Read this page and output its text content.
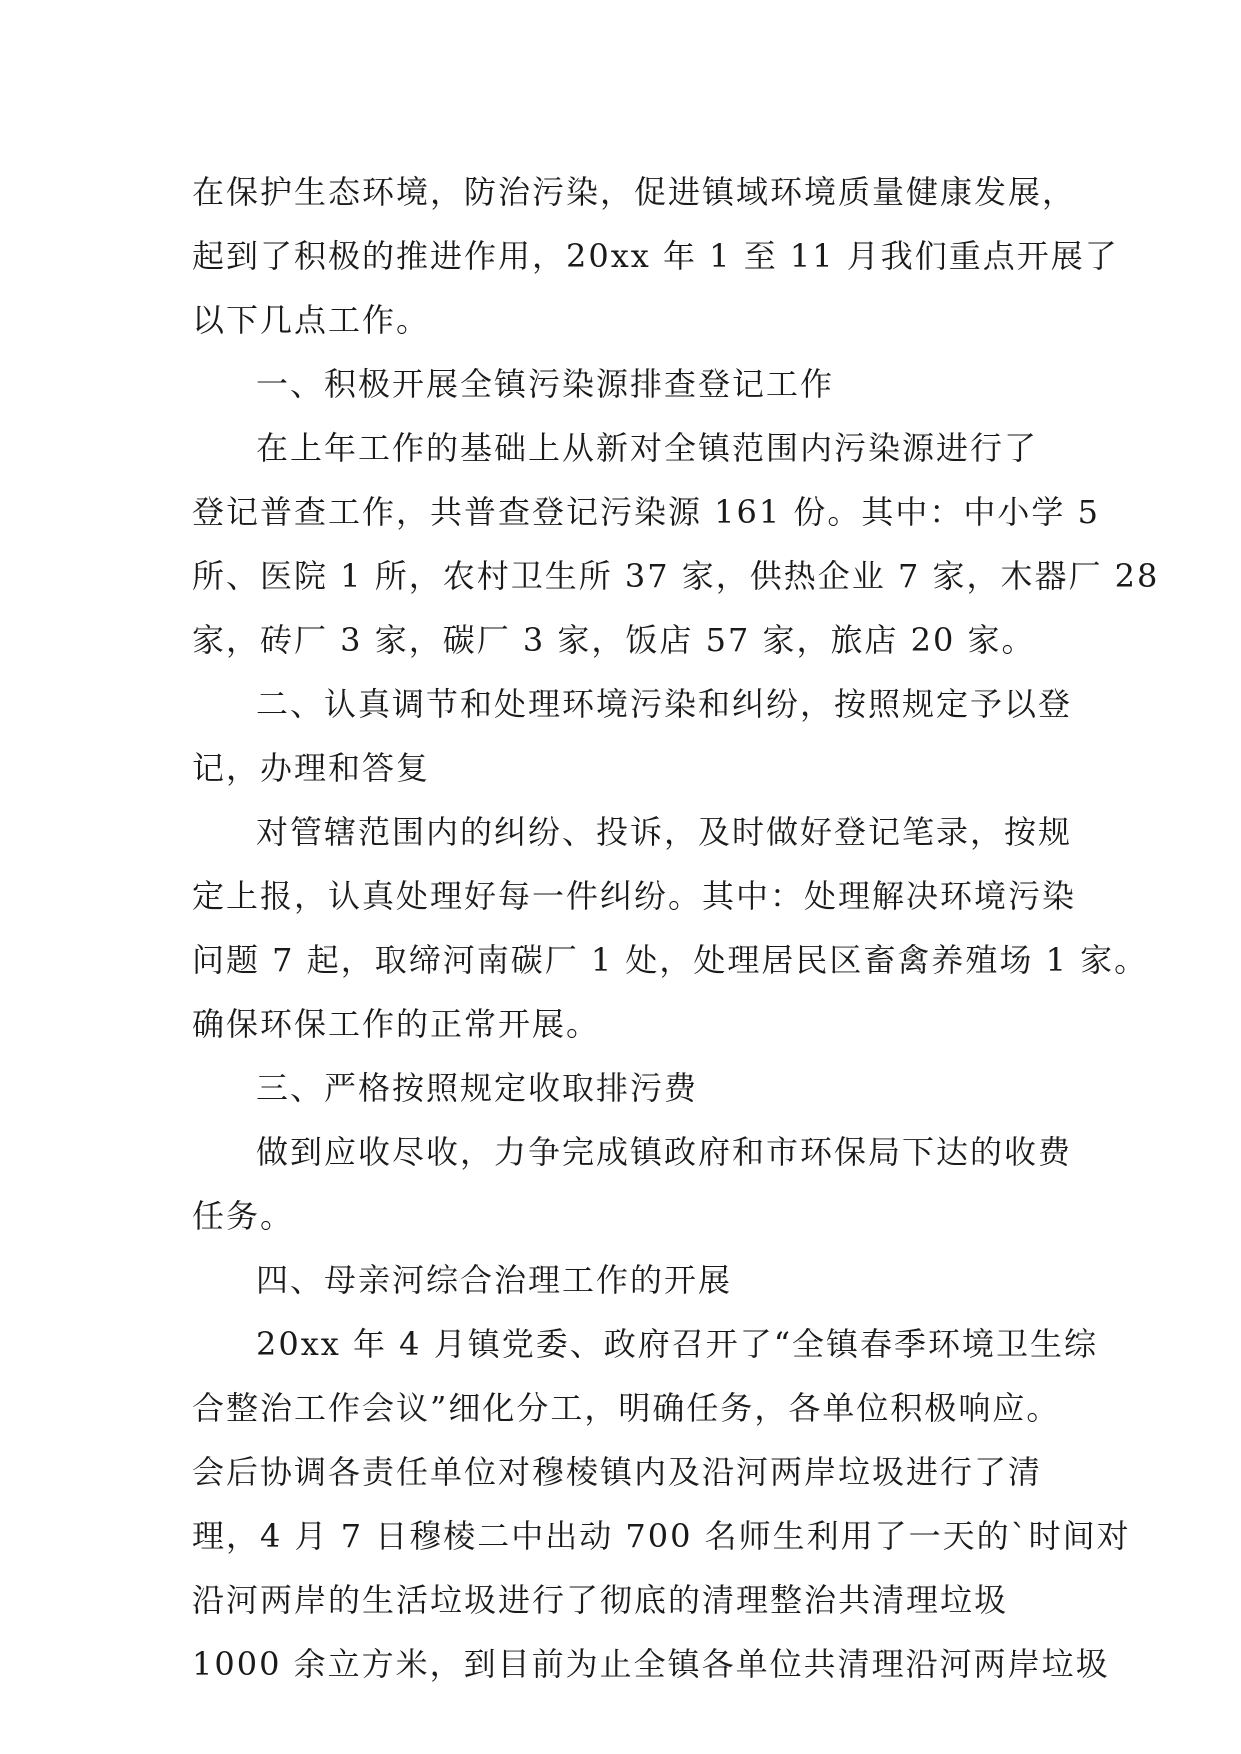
在保护生态环境，防治污染，促进镇域环境质量健康发展，
起到了积极的推进作用，20xx 年 1 至 11 月我们重点开展了
以下几点工作。
一、积极开展全镇污染源排查登记工作
在上年工作的基础上从新对全镇范围内污染源进行了
登记普查工作，共普查登记污染源 161 份。其中：中小学 5
所、医院 1 所，农村卫生所 37 家，供热企业 7 家，木器厂 28
家，砖厂 3 家，碳厂 3 家，饭店 57 家，旅店 20 家。
二、认真调节和处理环境污染和纠纷，按照规定予以登
记，办理和答复
对管辖范围内的纠纷、投诉，及时做好登记笔录，按规
定上报，认真处理好每一件纠纷。其中：处理解决环境污染
问题 7 起，取缔河南碳厂 1 处，处理居民区畜禽养殖场 1 家。
确保环保工作的正常开展。
三、严格按照规定收取排污费
做到应收尽收，力争完成镇政府和市环保局下达的收费
任务。
四、母亲河综合治理工作的开展
20xx 年 4 月镇党委、政府召开了“全镇春季环境卫生综
合整治工作会议”细化分工，明确任务，各单位积极响应。
会后协调各责任单位对穆棱镇内及沿河两岸垃圾进行了清
理，4 月 7 日穆棱二中出动 700 名师生利用了一天的`时间对
沿河两岸的生活垃圾进行了彻底的清理整治共清理垃圾
1000 余立方米，到目前为止全镇各单位共清理沿河两岸垃圾
